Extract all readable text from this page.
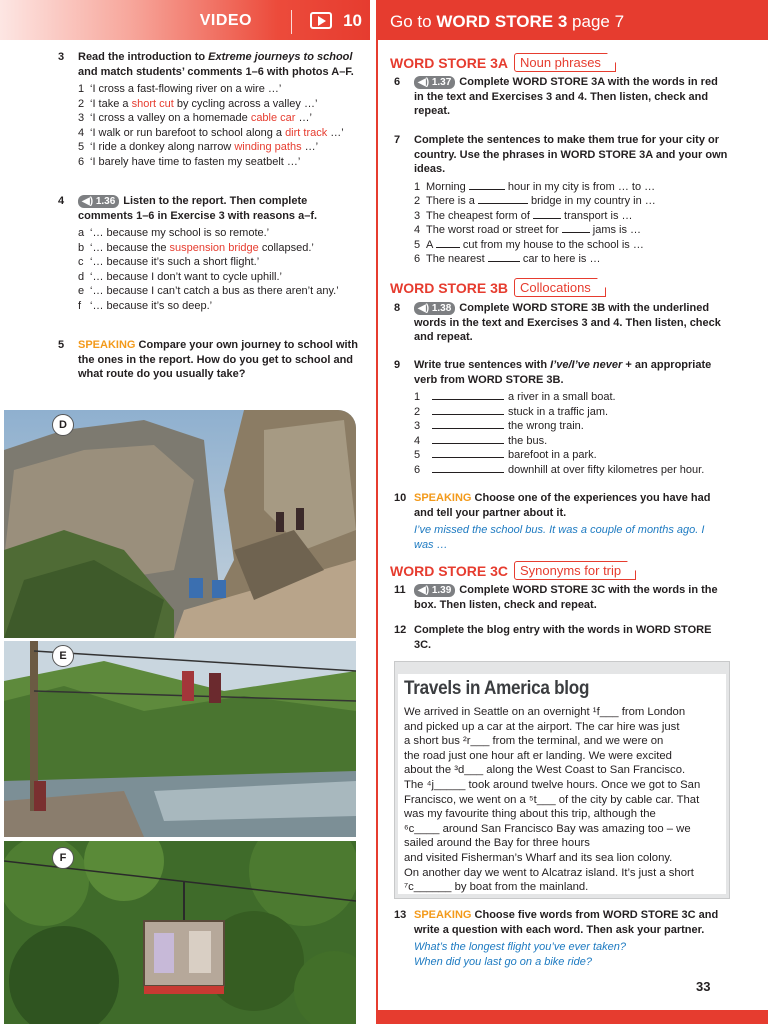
VIDEO	10	Go to WORD STORE 3 page 7
3 Read the introduction to Extreme journeys to school and match students’ comments 1–6 with photos A–F.
1 ‘I cross a fast-flowing river on a wire …’
2 ‘I take a short cut by cycling across a valley …’
3 ‘I cross a valley on a homemade cable car …’
4 ‘I walk or run barefoot to school along a dirt track …’
5 ‘I ride a donkey along narrow winding paths …’
6 ‘I barely have time to fasten my seatbelt …’
4	◀) 1.36 Listen to the report. Then complete comments 1–6 in Exercise 3 with reasons a–f.
a ‘… because my school is so remote.’
b ‘… because the suspension bridge collapsed.’
c ‘… because it’s such a short flight.’
d ‘… because I don’t want to cycle uphill.’
e ‘… because I can’t catch a bus as there aren’t any.’
f ‘… because it’s so deep.’
5 SPEAKING Compare your own journey to school with the ones in the report. How do you get to school and what route do you usually take?
D
E
F
WORD STORE 3A Noun phrases
6	◀) 1.37 Complete WORD STORE 3A with the words in red in the text and Exercises 3 and 4. Then listen, check and repeat.
7 Complete the sentences to make them true for your city or country. Use the phrases in WORD STORE 3A and your own ideas.
1 Morning	hour in my city is from … to …
2 There is a	bridge in my country in …
3 The cheapest form of	transport is …
4 The worst road or street for	jams is …
5 A  cut from my house to the school is …
6 The nearest	car to here is …
WORD STORE 3B Collocations
8	◀) 1.38 Complete WORD STORE 3B with the underlined words in the text and Exercises 3 and 4. Then listen, check and repeat.
9 Write true sentences with I’ve/I’ve never + an appropriate verb from WORD STORE 3B.
1	a river in a small boat.
2	stuck in a traffic jam.
3	the wrong train.
4	the bus.
5	barefoot in a park.
6	downhill at over fifty kilometres per hour.
10 SPEAKING Choose one of the experiences you have had and tell your partner about it.
I’ve missed the school bus. It was a couple of months ago. I was …
WORD STORE 3C Synonyms for trip
11	◀) 1.39 Complete WORD STORE 3C with the words in the box. Then listen, check and repeat.
12 Complete the blog entry with the words in WORD STORE 3C.
Travels in America blog
We arrived in Seattle on an overnight ¹f___ from London
and picked up a car at the airport. The car hire was just
a short bus ²r___ from the terminal, and we were on
the road just one hour aft er landing. We were excited
about the ³d___ along the West Coast to San Francisco.
The ⁴j_____ took around twelve hours. Once we got to San
Francisco, we went on a ⁵t___ of the city by cable car. That
was my favourite thing about this trip, although the
⁶c____ around San Francisco Bay was amazing too – we
sailed around the Bay for three hours
and visited Fisherman’s Wharf and its sea lion colony.
On another day we went to Alcatraz island. It’s just a short
⁷c______ by boat from the mainland.
13 SPEAKING Choose five words from WORD STORE 3C and write a question with each word. Then ask your partner.
What’s the longest flight you’ve ever taken?
When did you last go on a bike ride?
33
